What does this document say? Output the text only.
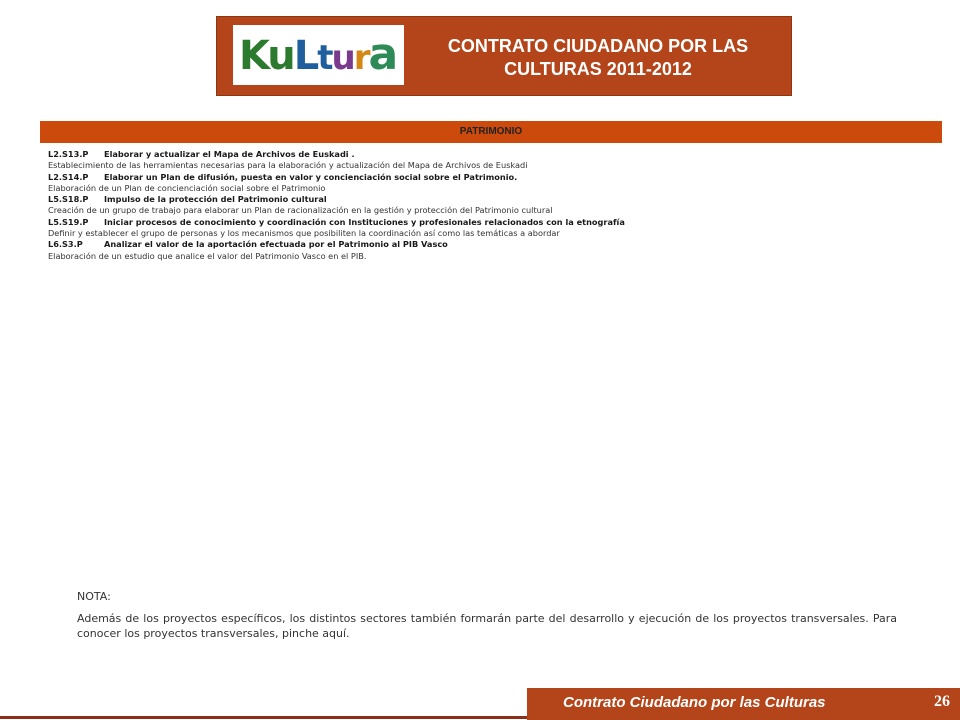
KuLtura	CONTRATO CIUDADANO POR LAS
CULTURAS 2011-2012
PATRIMONIO
L2.S13.P Elaborar y actualizar el Mapa de Archivos de Euskadi .
Establecimiento de las herramientas necesarias para la elaboración y actualización del Mapa de Archivos de Euskadi
L2.S14.P Elaborar un Plan de difusión, puesta en valor y concienciación social sobre el Patrimonio.
Elaboración de un Plan de concienciación social sobre el Patrimonio
L5.S18.P Impulso de la protección del Patrimonio cultural
Creación de un grupo de trabajo para elaborar un Plan de racionalización en la gestión y protección del Patrimonio cultural
L5.S19.P Iniciar procesos de conocimiento y coordinación con Instituciones y profesionales relacionados con la etnografía
Definir y establecer el grupo de personas y los mecanismos que posibiliten la coordinación así como las temáticas a abordar
L6.S3.P	Analizar el valor de la aportación efectuada por el Patrimonio al PIB Vasco
Elaboración de un estudio que analice el valor del Patrimonio Vasco en el PIB.

NOTA:

Además de los proyectos específicos, los distintos sectores también formarán parte del desarrollo y ejecución de los proyectos transversales. Para conocer los proyectos transversales, pinche aquí.

Contrato Ciudadano por las Culturas	26
